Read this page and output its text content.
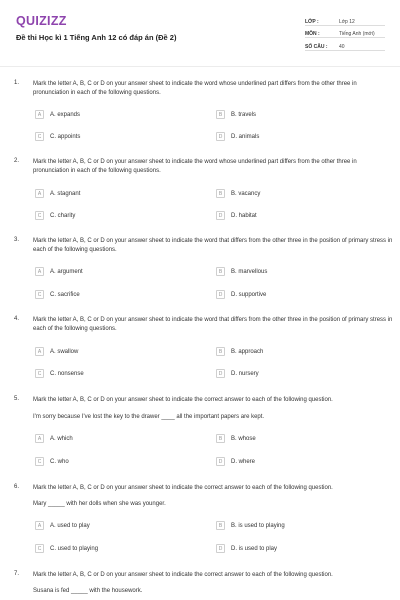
QUIZIZZ
Đề thi Học kì 1 Tiếng Anh 12 có đáp án (Đề 2)
LỚP :	Lớp 12
MÔN :	Tiếng Anh (mới)
SỐ CÂU :	40
1. Mark the letter A, B, C or D on your answer sheet to indicate the word whose underlined part differs from the other three in pronunciation in each of the following questions.
A	A. expands	B	B. travels
C	C. appoints	D	D. animals
2. Mark the letter A, B, C or D on your answer sheet to indicate the word whose underlined part differs from the other three in pronunciation in each of the following questions.
A	A. stagnant	B	B. vacancy
C	C. charity	D	D. habitat
3. Mark the letter A, B, C or D on your answer sheet to indicate the word that differs from the other three in the position of primary stress in each of the following questions.
A	A. argument	B	B. marvellous
C	C. sacrifice	D	D. supportive
4. Mark the letter A, B, C or D on your answer sheet to indicate the word that differs from the other three in the position of primary stress in each of the following questions.
A	A. swallow	B	B. approach
C	C. nonsense	D	D. nursery
5. Mark the letter A, B, C or D on your answer sheet to indicate the correct answer to each of the following question.
I'm sorry because I've lost the key to the drawer ____ all the important papers are kept.
A	A. which	B	B. whose
C	C. who	D	D. where
6. Mark the letter A, B, C or D on your answer sheet to indicate the correct answer to each of the following question.
Mary _____ with her dolls when she was younger.
A	A. used to play	B	B. is used to playing
C	C. used to playing	D	D. is used to play
7. Mark the letter A, B, C or D on your answer sheet to indicate the correct answer to each of the following question.
Susana is fed _____ with the housework.
